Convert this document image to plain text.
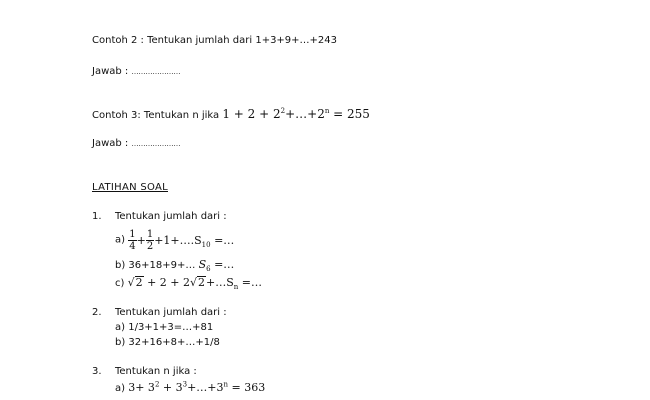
Contoh 2 : Tentukan jumlah dari 1+3+9+…+243
Jawab : …………………
Contoh 3: Tentukan n jika $1 + 2 + 2^2+\dots+2^n = 255$
Jawab : …………………
LATIHAN SOAL
1. Tentukan jumlah dari :
$a) \frac{1}{4} + \frac{1}{2}$ $+1+\dots.S_{10}$ =…
b) 36+18+9+… $S_6$ =…
c) $√2 + 2 + 2√2+\dots S_n$ =…
2. Tentukan jumlah dari :
a) 1/3+1+3=…+81
b) 32+16+8+…+1/8
3. Tentukan n jika :
a) $3+ 3^2$ + $3^3+\dots+3^n = 363$
